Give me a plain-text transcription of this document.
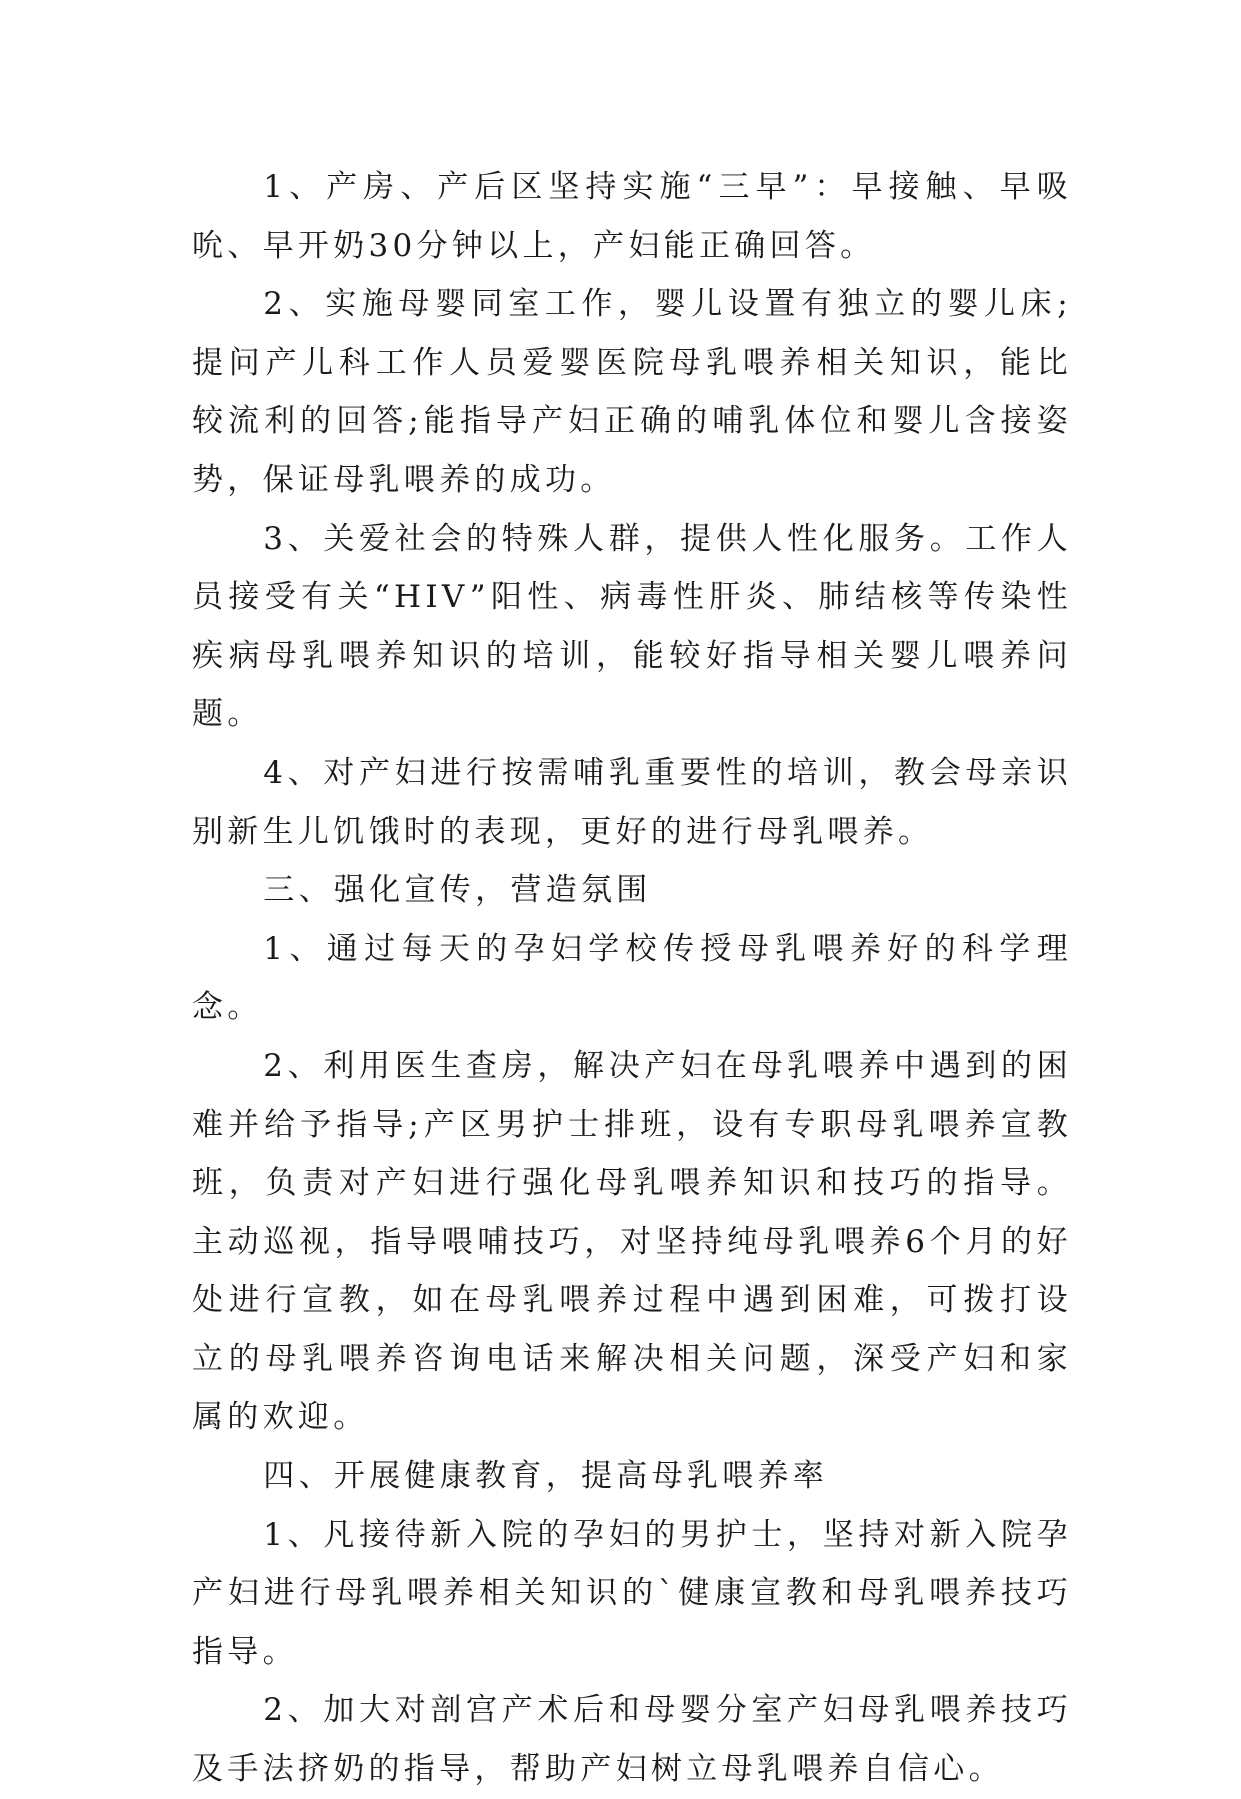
1、产房、产后区坚持实施“三早”：早接触、早吸吮、早开奶30分钟以上，产妇能正确回答。

2、实施母婴同室工作，婴儿设置有独立的婴儿床;提问产儿科工作人员爱婴医院母乳喂养相关知识，能比较流利的回答;能指导产妇正确的哺乳体位和婴儿含接姿势，保证母乳喂养的成功。

3、关爱社会的特殊人群，提供人性化服务。工作人员接受有关“HIV”阳性、病毒性肝炎、肺结核等传染性疾病母乳喂养知识的培训，能较好指导相关婴儿喂养问题。

4、对产妇进行按需哺乳重要性的培训，教会母亲识别新生儿饥饿时的表现，更好的进行母乳喂养。

三、强化宣传，营造氛围

1、通过每天的孕妇学校传授母乳喂养好的科学理念。

2、利用医生查房，解决产妇在母乳喂养中遇到的困难并给予指导;产区男护士排班，设有专职母乳喂养宣教班，负责对产妇进行强化母乳喂养知识和技巧的指导。主动巡视，指导喂哺技巧，对坚持纯母乳喂养6个月的好处进行宣教，如在母乳喂养过程中遇到困难，可拨打设立的母乳喂养咨询电话来解决相关问题，深受产妇和家属的欢迎。

四、开展健康教育，提高母乳喂养率

1、凡接待新入院的孕妇的男护士，坚持对新入院孕产妇进行母乳喂养相关知识的`健康宣教和母乳喂养技巧指导。

2、加大对剖宫产术后和母婴分室产妇母乳喂养技巧及手法挤奶的指导，帮助产妇树立母乳喂养自信心。
